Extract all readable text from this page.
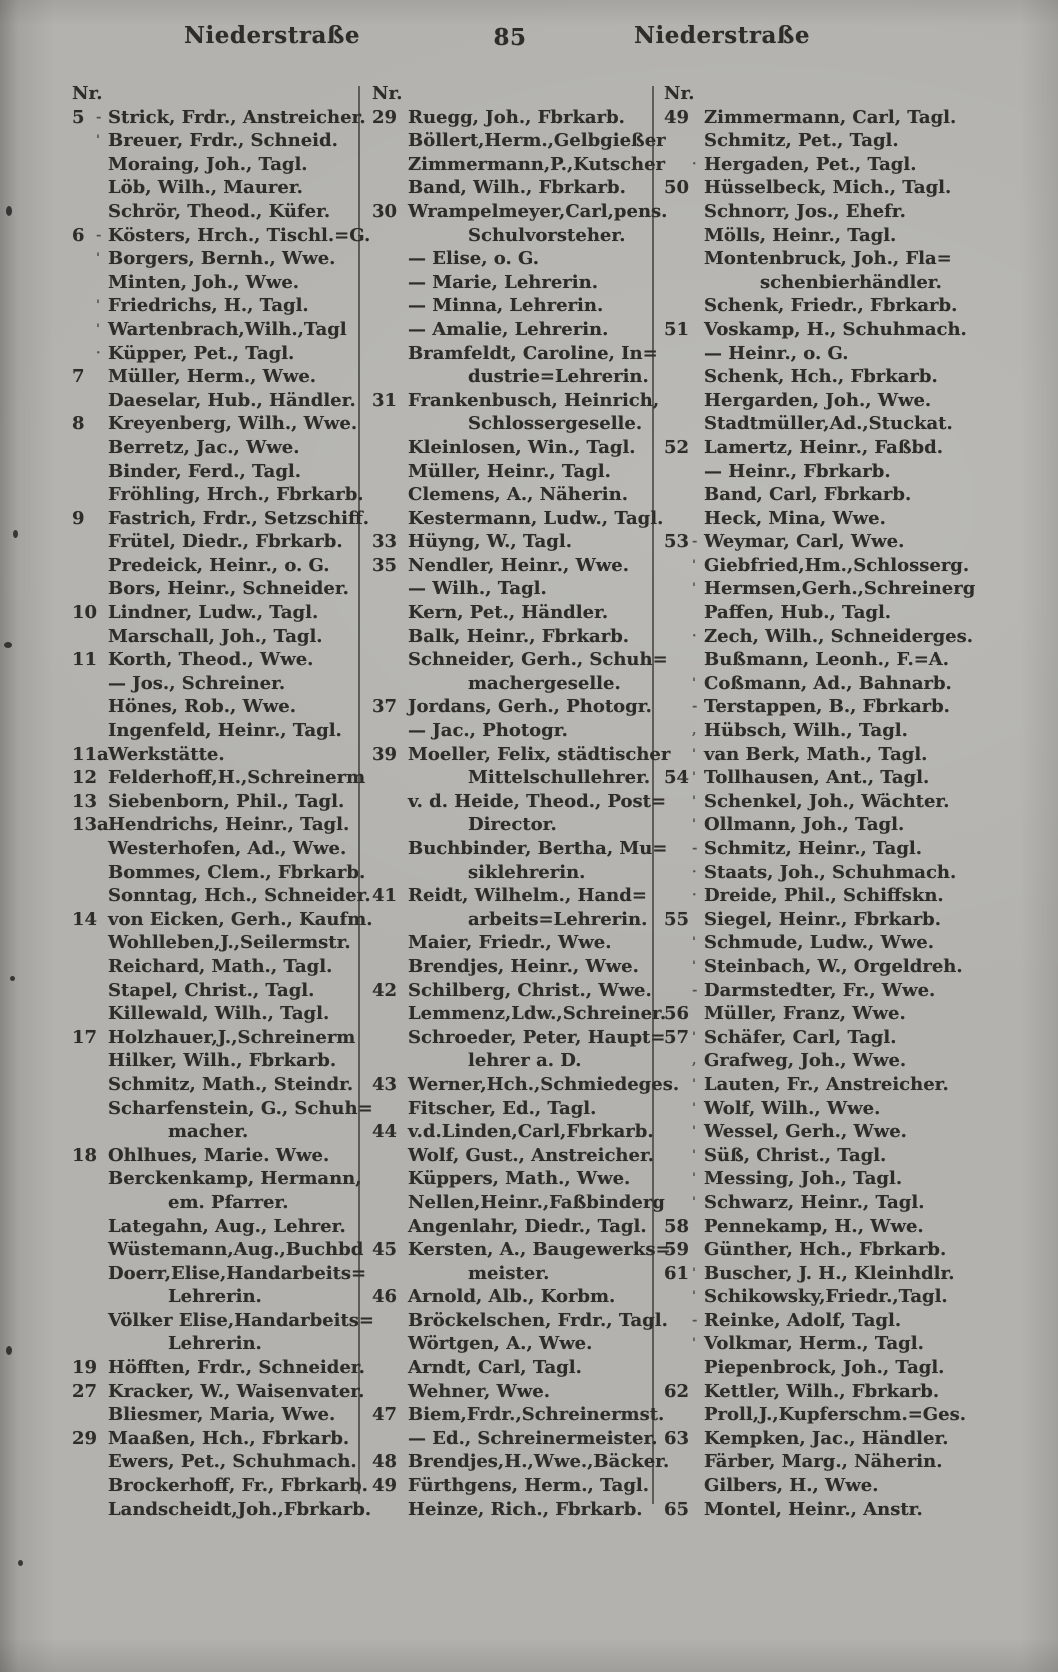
Niederstraße	85	Niederstraße
Nr.
5 - Strick, Frdr., Anstreicher.
' Breuer, Frdr., Schneid.
Moraing, Joh., Tagl.
Löb, Wilh., Maurer.
Schrör, Theod., Küfer.
6 - Kösters, Hrch., Tischl.=G.
' Borgers, Bernh., Wwe.
Minten, Joh., Wwe.
' Friedrichs, H., Tagl.
' Wartenbrach,Wilh.,Tagl
· Küpper, Pet., Tagl.
7	Müller, Herm., Wwe.
Daeselar, Hub., Händler.
8	Kreyenberg, Wilh., Wwe.
Berretz, Jac., Wwe.
Binder, Ferd., Tagl.
Fröhling, Hrch., Fbrkarb.
9	Fastrich, Frdr., Setzschiff.
Frütel, Diedr., Fbrkarb.
Predeick, Heinr., o. G.
Bors, Heinr., Schneider.
10 Lindner, Ludw., Tagl.
Marschall, Joh., Tagl.
11 Korth, Theod., Wwe.
— Jos., Schreiner.
Hönes, Rob., Wwe.
Ingenfeld, Heinr., Tagl.
11a Werkstätte.
12 Felderhoff,H.,Schreinerm
13 Siebenborn, Phil., Tagl.
13a Hendrichs, Heinr., Tagl.
Westerhofen, Ad., Wwe.
Bommes, Clem., Fbrkarb.
Sonntag, Hch., Schneider.
14 von Eicken, Gerh., Kaufm.
Wohlleben,J.,Seilermstr.
Reichard, Math., Tagl.
Stapel, Christ., Tagl.
Killewald, Wilh., Tagl.
17 Holzhauer,J.,Schreinerm
Hilker, Wilh., Fbrkarb.
Schmitz, Math., Steindr.
Scharfenstein, G., Schuh=
macher.
18 Ohlhues, Marie. Wwe.
Berckenkamp, Hermann,
em. Pfarrer.
Lategahn, Aug., Lehrer.
Wüstemann,Aug.,Buchbd
Doerr,Elise,Handarbeits=
Lehrerin.
Völker Elise,Handarbeits=
Lehrerin.
19 Höfften, Frdr., Schneider.
27 Kracker, W., Waisenvater.
Bliesmer, Maria, Wwe.
29 Maaßen, Hch., Fbrkarb.
Ewers, Pet., Schuhmach.
Brockerhoff, Fr., Fbrkarb.
Landscheidt,Joh.,Fbrkarb.
Nr.
29 Ruegg, Joh., Fbrkarb.
Böllert,Herm.,Gelbgießer
Zimmermann,P.,Kutscher
Band, Wilh., Fbrkarb.
30 Wrampelmeyer,Carl,pens.
Schulvorsteher.
— Elise, o. G.
— Marie, Lehrerin.
— Minna, Lehrerin.
— Amalie, Lehrerin.
Bramfeldt, Caroline, In=
dustrie=Lehrerin.
31 Frankenbusch, Heinrich,
Schlossergeselle.
Kleinlosen, Win., Tagl.
Müller, Heinr., Tagl.
Clemens, A., Näherin.
Kestermann, Ludw., Tagl.
33 Hüyng, W., Tagl.
35 Nendler, Heinr., Wwe.
— Wilh., Tagl.
Kern, Pet., Händler.
Balk, Heinr., Fbrkarb.
Schneider, Gerh., Schuh=
machergeselle.
37 Jordans, Gerh., Photogr.
— Jac., Photogr.
39 Moeller, Felix, städtischer
Mittelschullehrer.
v. d. Heide, Theod., Post=
Director.
Buchbinder, Bertha, Mu=
siklehrerin.
41 Reidt, Wilhelm., Hand=
arbeits=Lehrerin.
Maier, Friedr., Wwe.
Brendjes, Heinr., Wwe.
42 Schilberg, Christ., Wwe.
Lemmenz,Ldw.,Schreiner.
Schroeder, Peter, Haupt=
lehrer a. D.
43 Werner,Hch.,Schmiedeges.
Fitscher, Ed., Tagl.
44 v.d.Linden,Carl,Fbrkarb.
Wolf, Gust., Anstreicher.
Küppers, Math., Wwe.
Nellen,Heinr.,Faßbinderg
Angenlahr, Diedr., Tagl.
45 Kersten, A., Baugewerks=
meister.
46 Arnold, Alb., Korbm.
Bröckelschen, Frdr., Tagl.
Wörtgen, A., Wwe.
Arndt, Carl, Tagl.
Wehner, Wwe.
47 Biem,Frdr.,Schreinermst.
— Ed., Schreinermeister.
48 Brendjes,H.,Wwe.,Bäcker.
49 Fürthgens, Herm., Tagl.
Heinze, Rich., Fbrkarb.
Nr.
49 Zimmermann, Carl, Tagl.
Schmitz, Pet., Tagl.
· Hergaden, Pet., Tagl.
50 Hüsselbeck, Mich., Tagl.
Schnorr, Jos., Ehefr.
Mölls, Heinr., Tagl.
Montenbruck, Joh., Fla=
schenbierhändler.
Schenk, Friedr., Fbrkarb.
51 Voskamp, H., Schuhmach.
— Heinr., o. G.
Schenk, Hch., Fbrkarb.
Hergarden, Joh., Wwe.
Stadtmüller,Ad.,Stuckat.
52 Lamertz, Heinr., Faßbd.
— Heinr., Fbrkarb.
Band, Carl, Fbrkarb.
Heck, Mina, Wwe.
53 - Weymar, Carl, Wwe.
' Giebfried,Hm.,Schlosserg.
' Hermsen,Gerh.,Schreinerg
Paffen, Hub., Tagl.
· Zech, Wilh., Schneiderges.
Bußmann, Leonh., F.=A.
' Coßmann, Ad., Bahnarb.
- Terstappen, B., Fbrkarb.
, Hübsch, Wilh., Tagl.
' van Berk, Math., Tagl.
54 ' Tollhausen, Ant., Tagl.
' Schenkel, Joh., Wächter.
' Ollmann, Joh., Tagl.
- Schmitz, Heinr., Tagl.
· Staats, Joh., Schuhmach.
· Dreide, Phil., Schiffskn.
55 Siegel, Heinr., Fbrkarb.
' Schmude, Ludw., Wwe.
' Steinbach, W., Orgeldreh.
- Darmstedter, Fr., Wwe.
56 Müller, Franz, Wwe.
57 ' Schäfer, Carl, Tagl.
, Grafweg, Joh., Wwe.
' Lauten, Fr., Anstreicher.
' Wolf, Wilh., Wwe.
' Wessel, Gerh., Wwe.
' Süß, Christ., Tagl.
' Messing, Joh., Tagl.
' Schwarz, Heinr., Tagl.
58 Pennekamp, H., Wwe.
59 Günther, Hch., Fbrkarb.
61 ' Buscher, J. H., Kleinhdlr.
' Schikowsky,Friedr.,Tagl.
- Reinke, Adolf, Tagl.
' Volkmar, Herm., Tagl.
Piepenbrock, Joh., Tagl.
62 Kettler, Wilh., Fbrkarb.
Proll,J.,Kupferschm.=Ges.
63 Kempken, Jac., Händler.
Färber, Marg., Näherin.
Gilbers, H., Wwe.
65 Montel, Heinr., Anstr.
